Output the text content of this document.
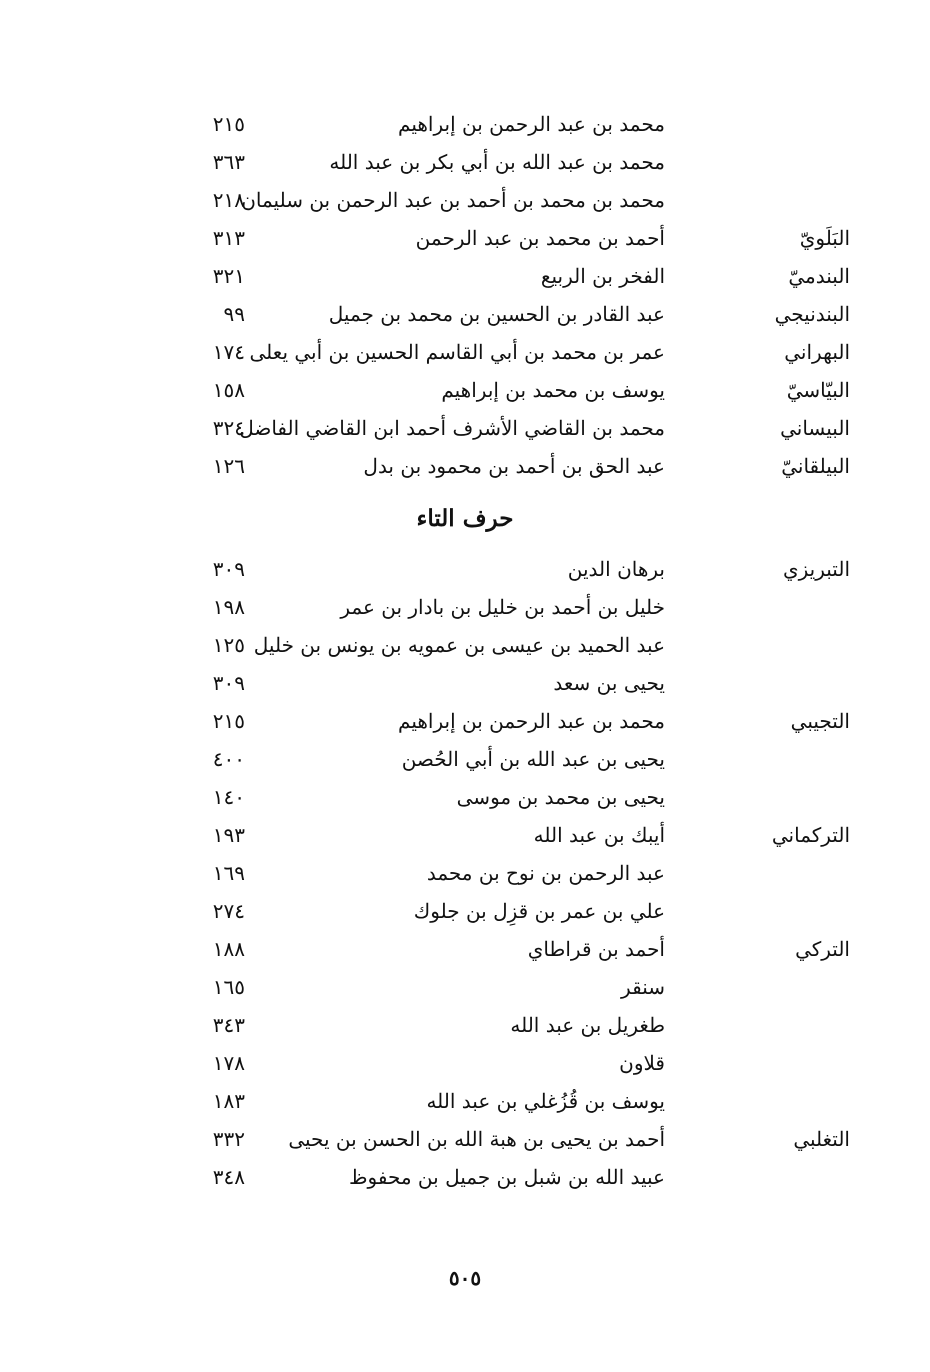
محمد بن عبد الرحمن بن إبراهيم
٢١٥
محمد بن عبد الله بن أبي بكر بن عبد الله
٣٦٣
محمد بن محمد بن أحمد بن عبد الرحمن بن سليمان
٢١٨
البَلَويّ
أحمد بن محمد بن عبد الرحمن
٣١٣
البندميّ
الفخر بن الربيع
٣٢١
البندنيجي
عبد القادر بن الحسين بن محمد بن جميل
٩٩
البهراني
عمر بن محمد بن أبي القاسم الحسين بن أبي يعلى
١٧٤
البيّاسيّ
يوسف بن محمد بن إبراهيم
١٥٨
البيساني
محمد بن القاضي الأشرف أحمد ابن القاضي الفاضل
٣٢٤
البيلقانيّ
عبد الحق بن أحمد بن محمود بن بدل
١٢٦
حرف التاء
التبريزي
برهان الدين
٣٠٩
خليل بن أحمد بن خليل بن بادار بن عمر
١٩٨
عبد الحميد بن عيسى بن عمويه بن يونس بن خليل
١٢٥
يحيى بن سعد
٣٠٩
التجيبي
محمد بن عبد الرحمن بن إبراهيم
٢١٥
يحيى بن عبد الله بن أبي الحُصن
٤٠٠
يحيى بن محمد بن موسى
١٤٠
التركماني
أيبك بن عبد الله
١٩٣
عبد الرحمن بن نوح بن محمد
١٦٩
علي بن عمر بن قزِل بن جلوك
٢٧٤
التركي
أحمد بن قراطاي
١٨٨
سنقر
١٦٥
طغريل بن عبد الله
٣٤٣
قلاون
١٧٨
يوسف بن قُزُغلي بن عبد الله
١٨٣
التغلبي
أحمد بن يحيى بن هبة الله بن الحسن بن يحيى
٣٣٢
عبيد الله بن شبل بن جميل بن محفوظ
٣٤٨
٥٠٥
